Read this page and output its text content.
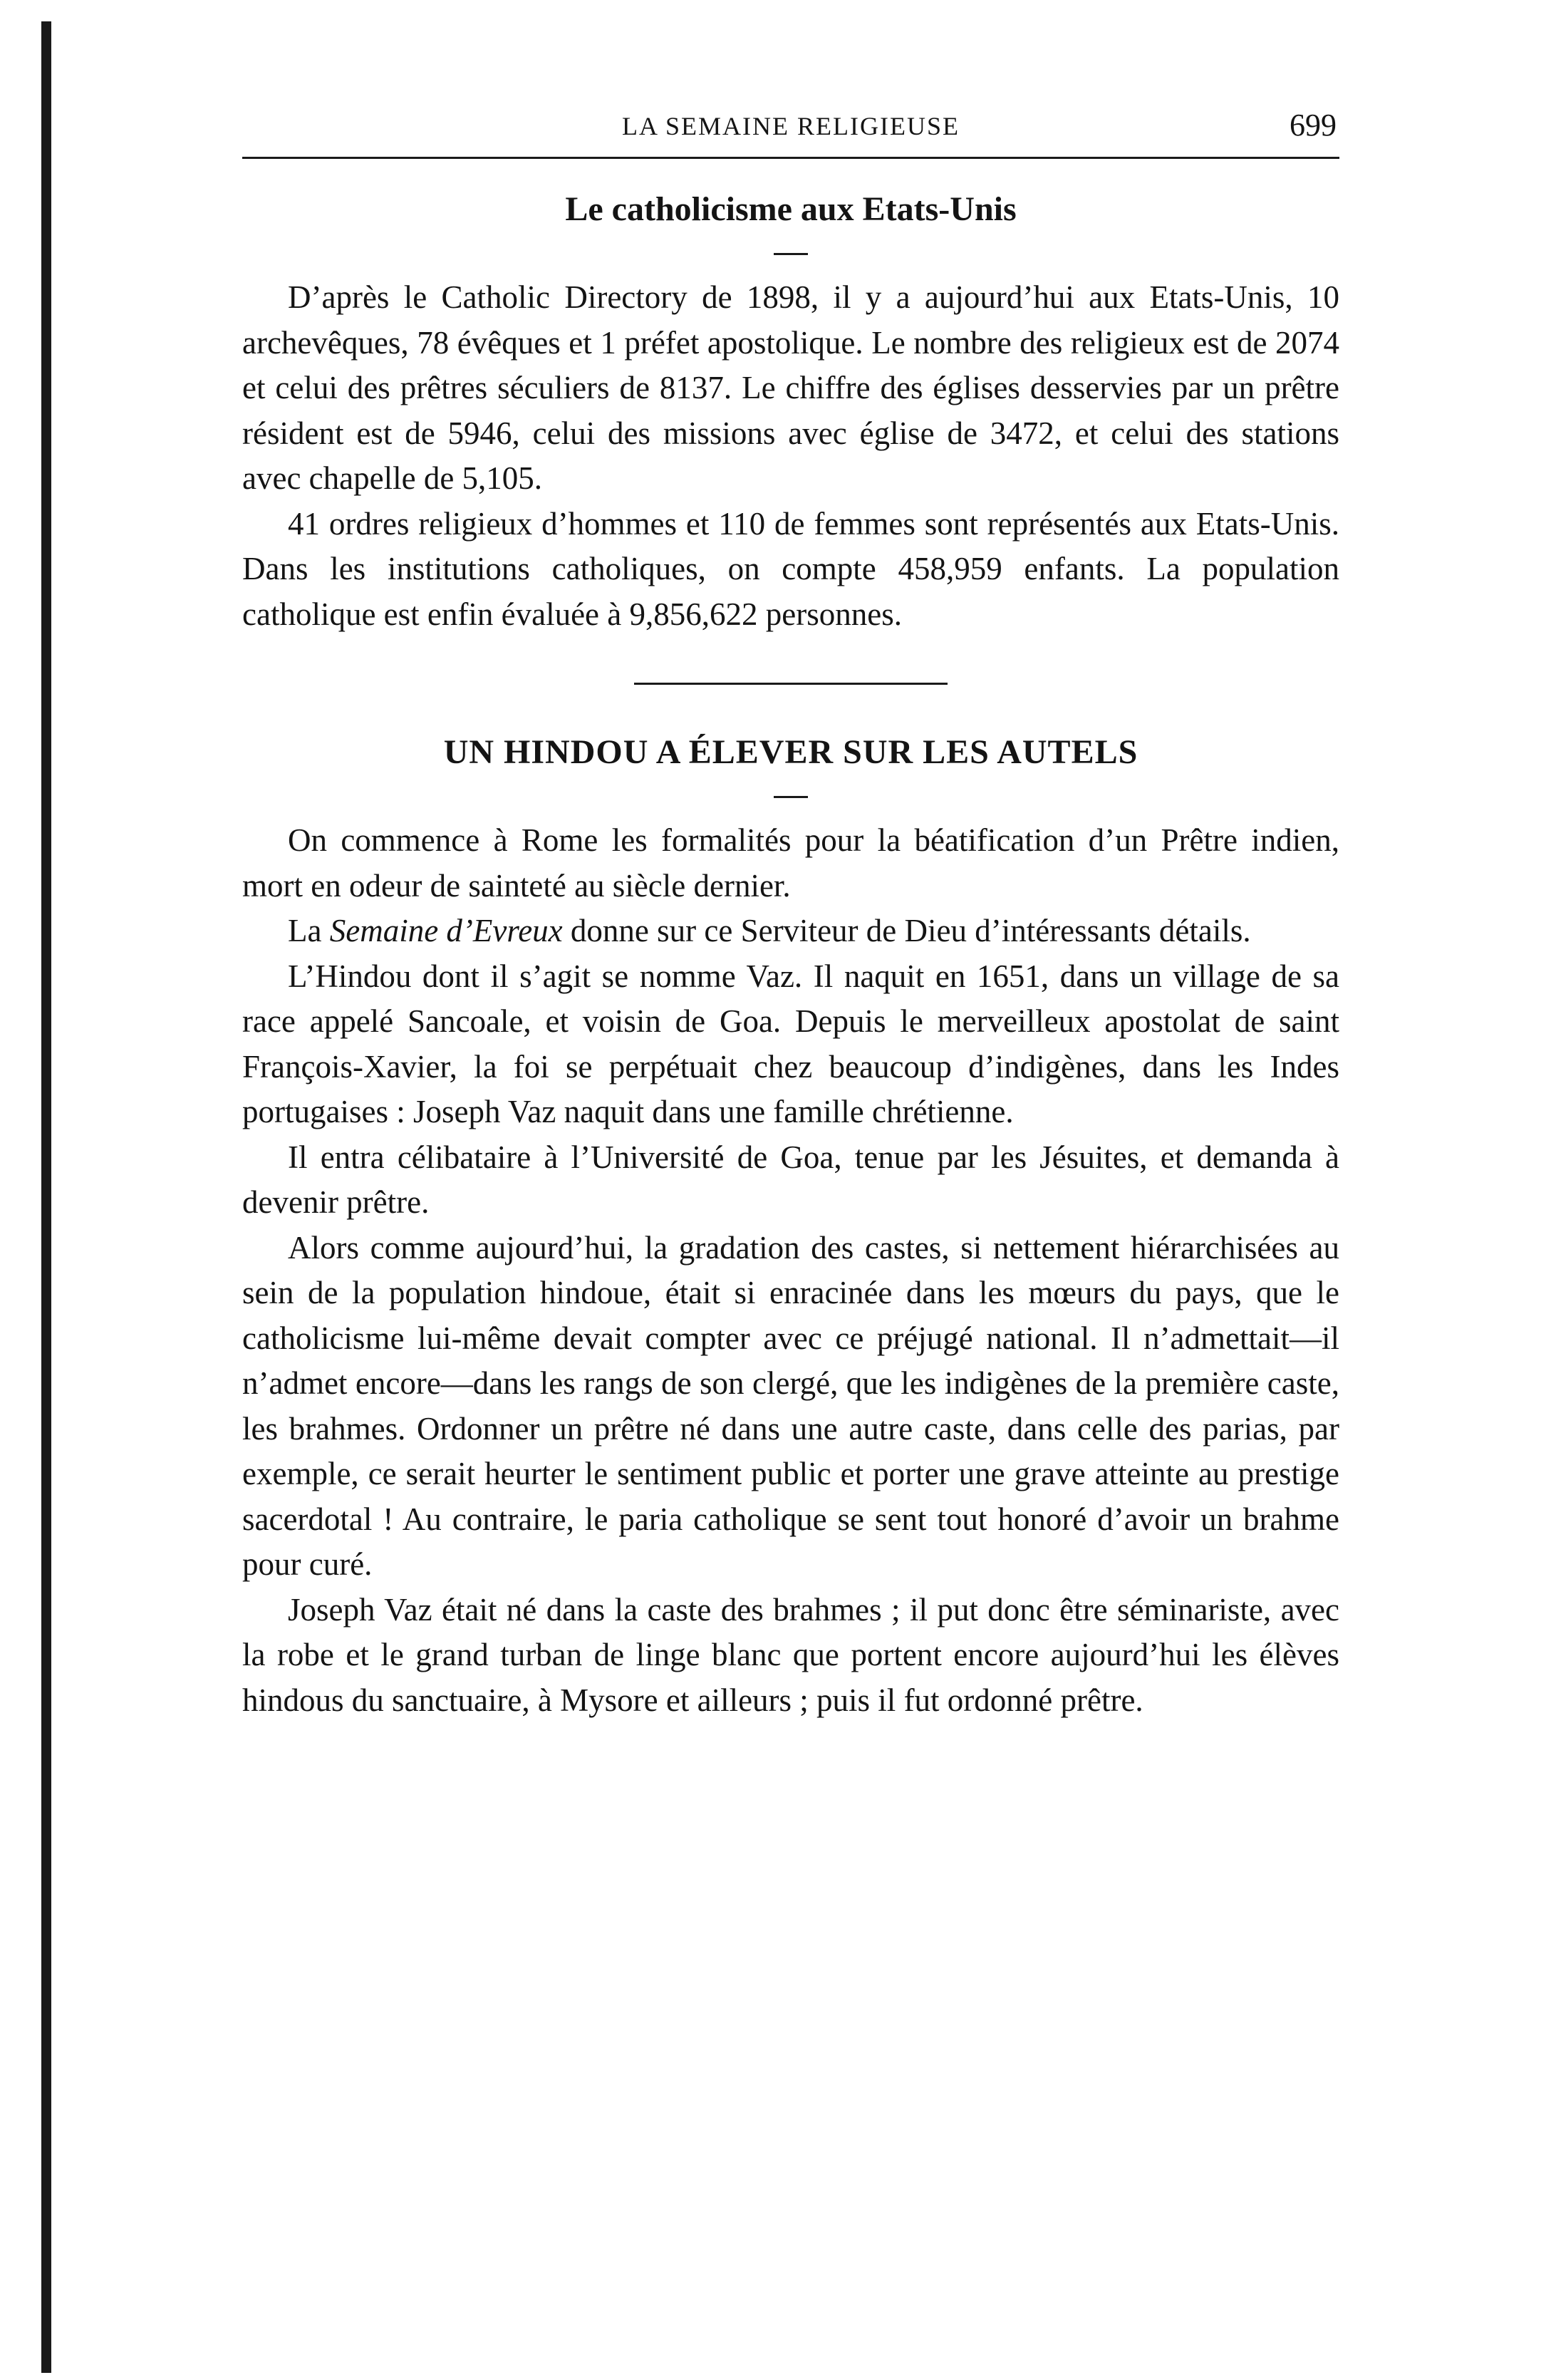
LA SEMAINE RELIGIEUSE	699
Le catholicisme aux Etats-Unis

D’après le Catholic Directory de 1898, il y a aujourd’hui aux Etats-Unis, 10 archevêques, 78 évêques et 1 préfet apostolique. Le nombre des religieux est de 2074 et celui des prêtres séculiers de 8137. Le chiffre des églises desservies par un prêtre résident est de 5946, celui des missions avec église de 3472, et celui des stations avec chapelle de 5,105.

41 ordres religieux d’hommes et 110 de femmes sont représentés aux Etats-Unis. Dans les institutions catholiques, on compte 458,959 enfants. La population catholique est enfin évaluée à 9,856,622 personnes.

UN HINDOU A ÉLEVER SUR LES AUTELS

On commence à Rome les formalités pour la béatification d’un Prêtre indien, mort en odeur de sainteté au siècle dernier.

La Semaine d’Evreux donne sur ce Serviteur de Dieu d’intéressants détails.

L’Hindou dont il s’agit se nomme Vaz. Il naquit en 1651, dans un village de sa race appelé Sancoale, et voisin de Goa. Depuis le merveilleux apostolat de saint François-Xavier, la foi se perpétuait chez beaucoup d’indigènes, dans les Indes portugaises : Joseph Vaz naquit dans une famille chrétienne.

Il entra célibataire à l’Université de Goa, tenue par les Jésuites, et demanda à devenir prêtre.

Alors comme aujourd’hui, la gradation des castes, si nettement hiérarchisées au sein de la population hindoue, était si enracinée dans les mœurs du pays, que le catholicisme lui-même devait compter avec ce préjugé national. Il n’admettait—il n’admet encore—dans les rangs de son clergé, que les indigènes de la première caste, les brahmes. Ordonner un prêtre né dans une autre caste, dans celle des parias, par exemple, ce serait heurter le sentiment public et porter une grave atteinte au prestige sacerdotal ! Au contraire, le paria catholique se sent tout honoré d’avoir un brahme pour curé.

Joseph Vaz était né dans la caste des brahmes ; il put donc être séminariste, avec la robe et le grand turban de linge blanc que portent encore aujourd’hui les élèves hindous du sanctuaire, à Mysore et ailleurs ; puis il fut ordonné prêtre.
